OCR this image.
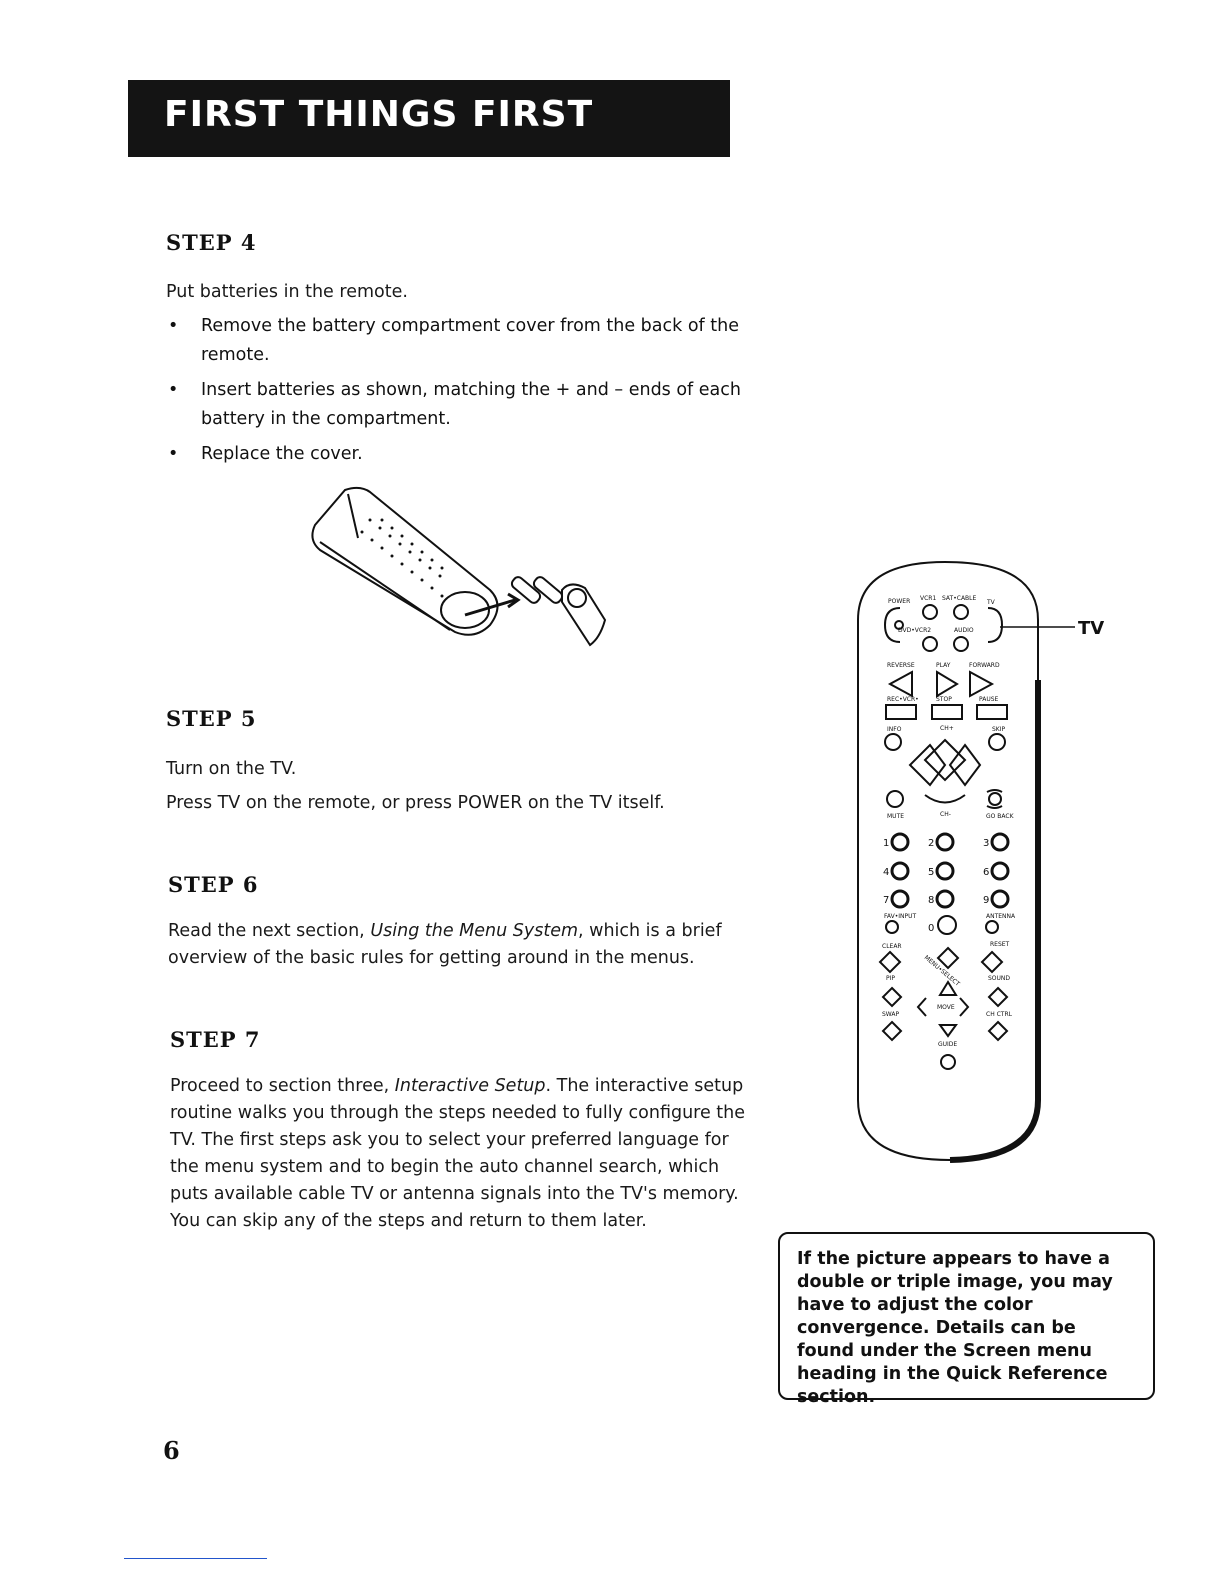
FIRST THINGS FIRST
STEP 4
Put batteries in the remote.
• Remove the battery compartment cover from the back of the remote.
• Insert batteries as shown, matching the + and – ends of each battery in the compartment.
• Replace the cover.
STEP 5
Turn on the TV.
Press TV on the remote, or press POWER on the TV itself.
STEP 6
Read the next section, Using the Menu System, which is a brief overview of the basic rules for getting around in the menus.
STEP 7
Proceed to section three, Interactive Setup. The interactive setup routine walks you through the steps needed to fully configure the TV. The first steps ask you to select your preferred language for the menu system and to begin the auto channel search, which puts available cable TV or antenna signals into the TV's memory. You can skip any of the steps and return to them later.
TV
POWER VCR1 SAT•CABLE
TV
DVD•VCR2	AUDIO
REVERSE	PLAY	FORWARD
REC•VCR•	STOP	PAUSE
INFO	CH+	SKIP
MUTE	CH-	GO BACK
FAV•INPUT	ANTENNA
CLEAR	RESET
PIP	SOUND
SWAP	CH CTRL
MOVE
GUIDE
MENU•SELECT
1	2	3
4	5	6
7	8	9
0
If the picture appears to have a double or triple image, you may have to adjust the color convergence. Details can be found under the Screen menu heading in the Quick Reference section.
6
